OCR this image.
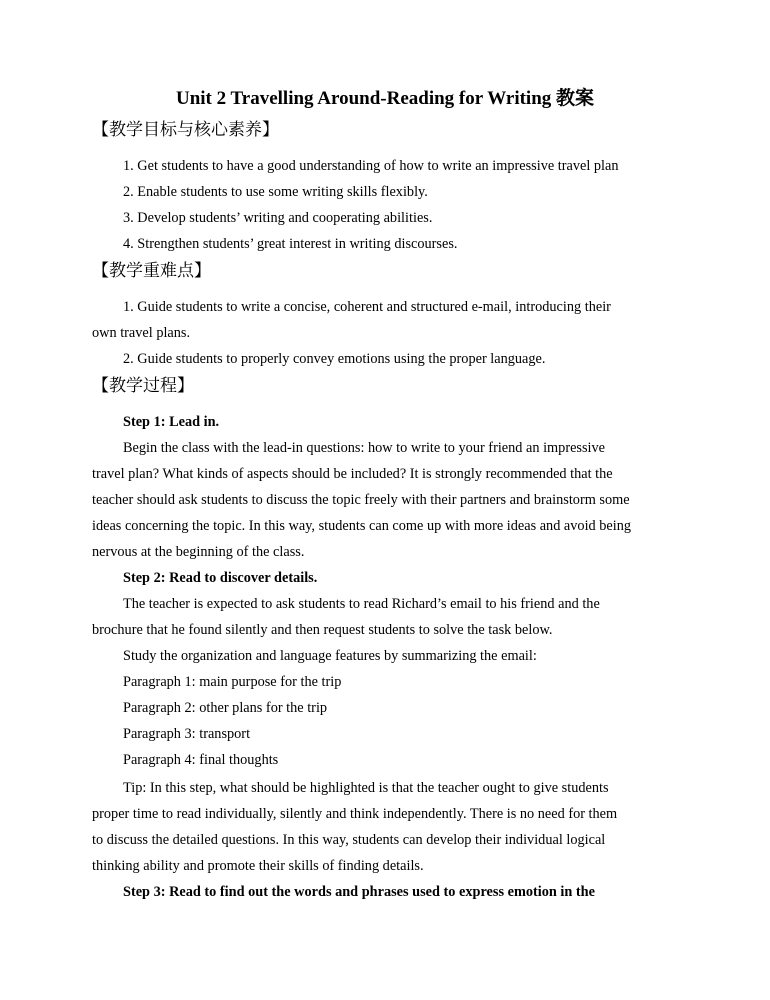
Unit 2 Travelling Around-Reading for Writing 教案
【教学目标与核心素养】
1. Get students to have a good understanding of how to write an impressive travel plan
2. Enable students to use some writing skills flexibly.
3. Develop students’ writing and cooperating abilities.
4. Strengthen students’ great interest in writing discourses.
【教学重难点】
1. Guide students to write a concise, coherent and structured e-mail, introducing their
own travel plans.
2. Guide students to properly convey emotions using the proper language.
【教学过程】
Step 1: Lead in.
Begin the class with the lead-in questions: how to write to your friend an impressive
travel plan? What kinds of aspects should be included? It is strongly recommended that the
teacher should ask students to discuss the topic freely with their partners and brainstorm some
ideas concerning the topic. In this way, students can come up with more ideas and avoid being
nervous at the beginning of the class.
Step 2: Read to discover details.
The teacher is expected to ask students to read Richard’s email to his friend and the
brochure that he found silently and then request students to solve the task below.
Study the organization and language features by summarizing the email:
Paragraph 1: main purpose for the trip
Paragraph 2: other plans for the trip
Paragraph 3: transport
Paragraph 4: final thoughts
Tip: In this step, what should be highlighted is that the teacher ought to give students
proper time to read individually, silently and think independently. There is no need for them
to discuss the detailed questions. In this way, students can develop their individual logical
thinking ability and promote their skills of finding details.
Step 3: Read to find out the words and phrases used to express emotion in the
